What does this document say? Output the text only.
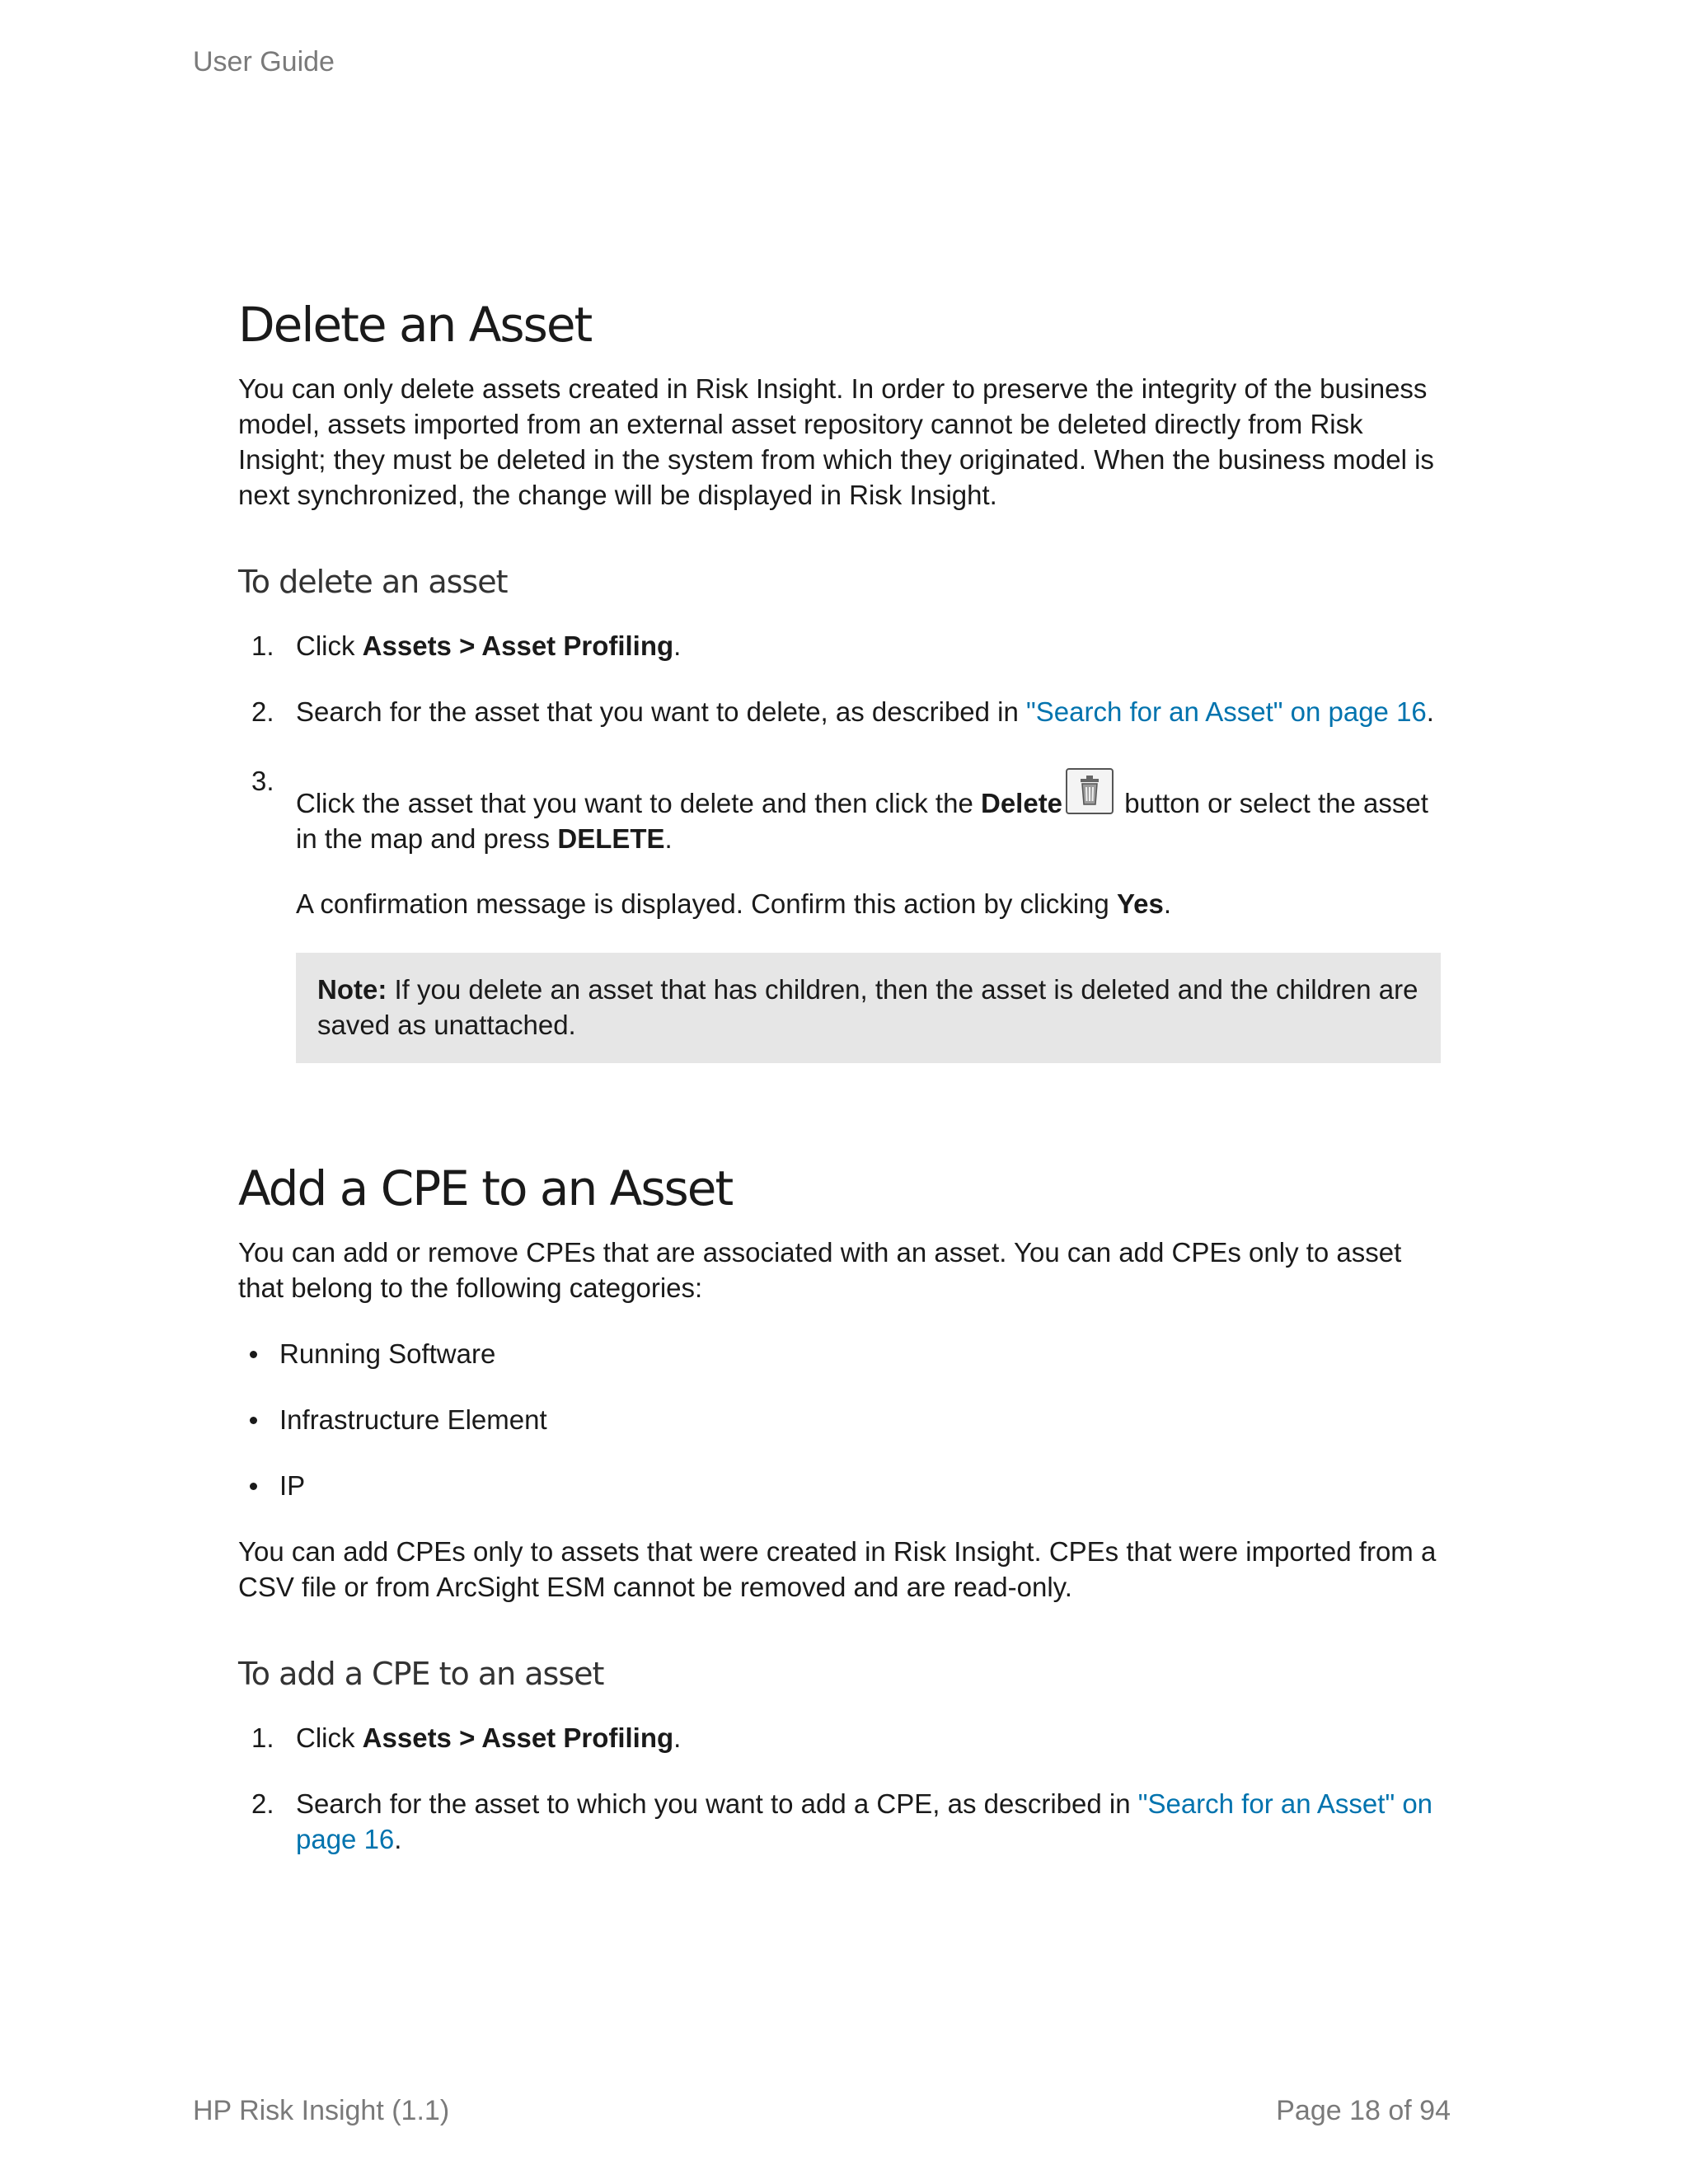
User Guide
Delete an Asset

You can only delete assets created in Risk Insight. In order to preserve the integrity of the business model, assets imported from an external asset repository cannot be deleted directly from Risk Insight; they must be deleted in the system from which they originated. When the business model is next synchronized, the change will be displayed in Risk Insight.

To delete an asset
1. Click Assets > Asset Profiling.
2. Search for the asset that you want to delete, as described in "Search for an Asset" on page 16.
3.

Click the asset that you want to delete and then click the Delete button or select the asset in the map and press DELETE.

A confirmation message is displayed. Confirm this action by clicking Yes.

Note: If you delete an asset that has children, then the asset is deleted and the children are saved as unattached.
Add a CPE to an Asset

You can add or remove CPEs that are associated with an asset. You can add CPEs only to asset that belong to the following categories:

Running Software
Infrastructure Element
IP

You can add CPEs only to assets that were created in Risk Insight. CPEs that were imported from a CSV file or from ArcSight ESM cannot be removed and are read-only.

To add a CPE to an asset
1. Click Assets > Asset Profiling.
2. Search for the asset to which you want to add a CPE, as described in "Search for an Asset" on page 16.
HP Risk Insight (1.1)	Page 18 of 94
